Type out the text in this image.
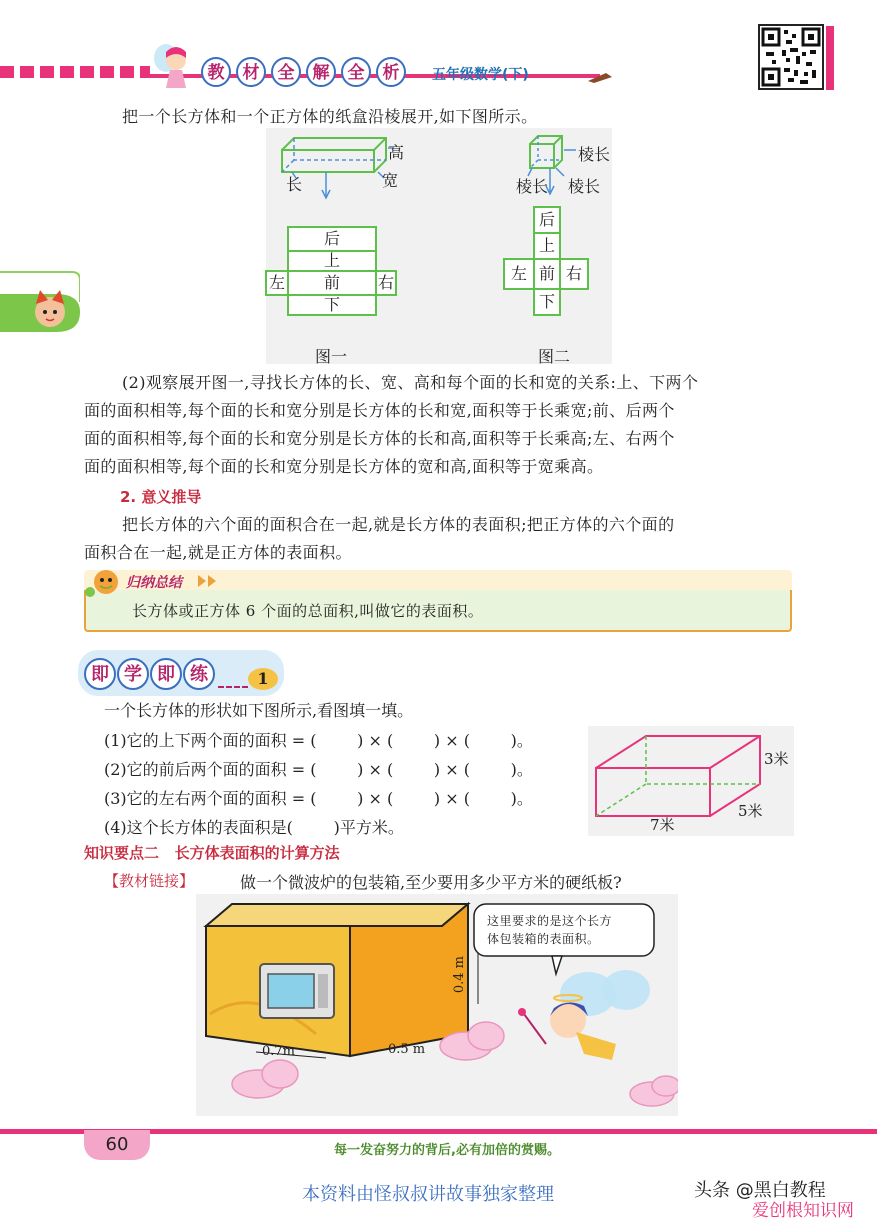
教	材	全	解	全	析	五年级数学(下)
把一个长方体和一个正方体的纸盒沿棱展开,如下图所示。
高
长	宽
棱长
棱长 棱长
后
上
左	前	右
下
后
上
左 前 右
下
图一	图二
(2)观察展开图一,寻找长方体的长、宽、高和每个面的长和宽的关系:上、下两个
面的面积相等,每个面的长和宽分别是长方体的长和宽,面积等于长乘宽;前、后两个
面的面积相等,每个面的长和宽分别是长方体的长和高,面积等于长乘高;左、右两个
面的面积相等,每个面的长和宽分别是长方体的宽和高,面积等于宽乘高。
2. 意义推导
把长方体的六个面的面积合在一起,就是长方体的表面积;把正方体的六个面的
面积合在一起,就是正方体的表面积。
归纳总结
长方体或正方体 6 个面的总面积,叫做它的表面积。
即 学 即 练	1
一个长方体的形状如下图所示,看图填一填。
(1)它的上下两个面的面积 = (        ) × (        ) × (        )。
(2)它的前后两个面的面积 = (        ) × (        ) × (        )。
(3)它的左右两个面的面积 = (        ) × (        ) × (        )。
(4)这个长方体的表面积是(        )平方米。
3米
7米
5米
知识要点二   长方体表面积的计算方法
【教材链接】	做一个微波炉的包装箱,至少要用多少平方米的硬纸板?
这里要求的是这个长方
体包装箱的表面积。
0.4 m
0.7m	0.5 m
60	每一发奋努力的背后,必有加倍的赏赐。
本资料由怪叔叔讲故事独家整理	头条 @黑白教程
爱创根知识网
